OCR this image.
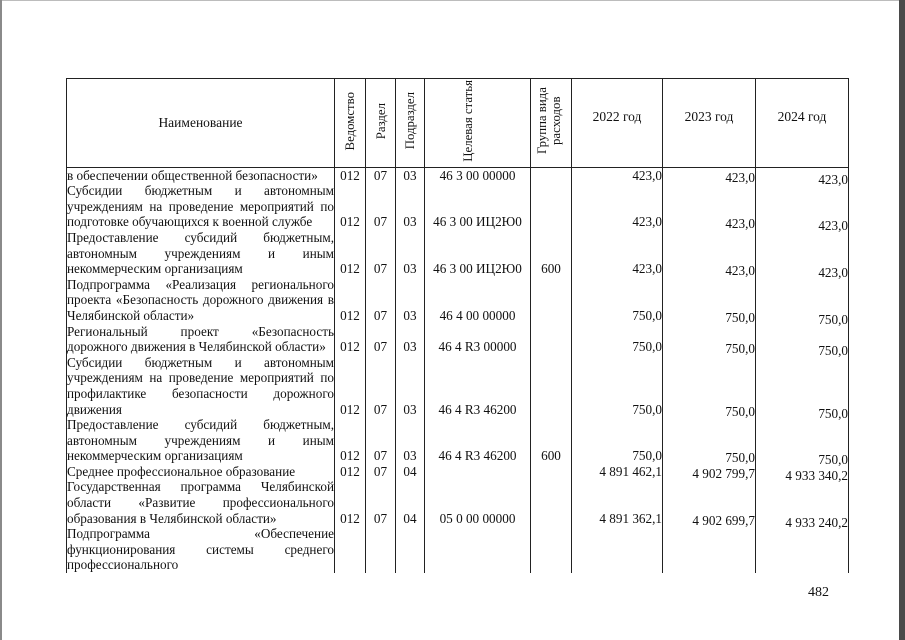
Наименование	Ведомство	Раздел	Подраздел	Целевая статья	Группа вида расходов	2022 год	2023 год	2024 год
в обеспечении общественной безопасности»	012	07	03	46 3 00 00000		423,0	423,0	423,0
Субсидии бюджетным и автономным учреждениям на проведение мероприятий по подготовке обучающихся к военной службе	012	07	03	46 3 00 ИЦ2Ю0		423,0	423,0	423,0
Предоставление субсидий бюджетным, автономным учреждениям и иным некоммерческим организациям	012	07	03	46 3 00 ИЦ2Ю0	600	423,0	423,0	423,0
Подпрограмма «Реализация регионального проекта «Безопасность дорожного движения в Челябинской области»	012	07	03	46 4 00 00000		750,0	750,0	750,0
Региональный проект «Безопасность дорожного движения в Челябинской области»	012	07	03	46 4 R3 00000		750,0	750,0	750,0
Субсидии бюджетным и автономным учреждениям на проведение мероприятий по профилактике безопасности дорожного движения	012	07	03	46 4 R3 46200		750,0	750,0	750,0
Предоставление субсидий бюджетным, автономным учреждениям и иным некоммерческим организациям	012	07	03	46 4 R3 46200	600	750,0	750,0	750,0
Среднее профессиональное образование	012	07	04			4 891 462,1	4 902 799,7	4 933 340,2
Государственная программа Челябинской области «Развитие профессионального образования в Челябинской области»	012	07	04	05 0 00 00000		4 891 362,1	4 902 699,7	4 933 240,2
Подпрограмма «Обеспечение функционирования системы среднего профессионального								
482
